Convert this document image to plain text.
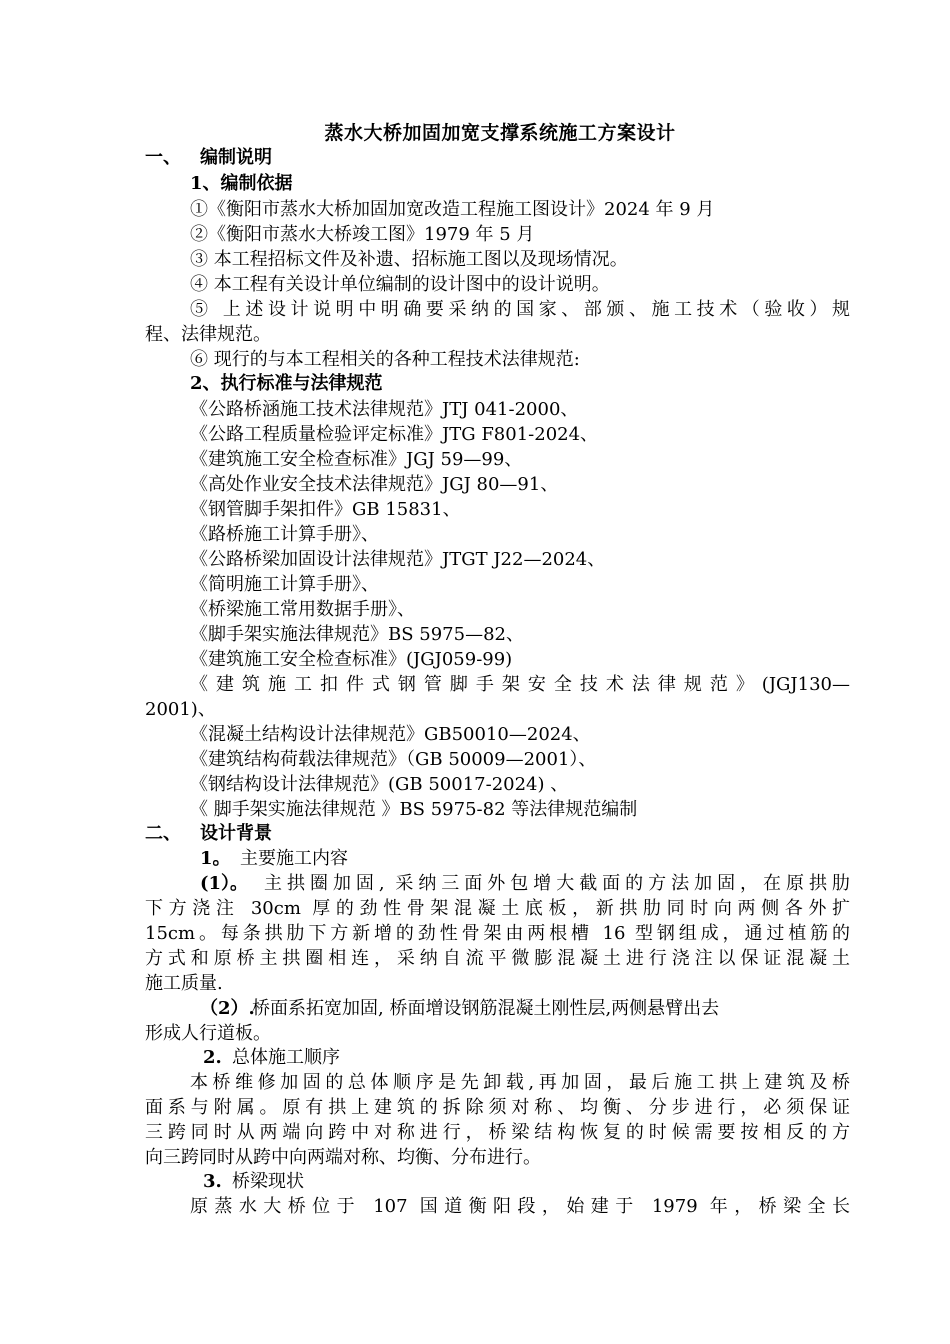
蒸水大桥加固加宽支撑系统施工方案设计
一、 编制说明
1、编制依据
①《衡阳市蒸水大桥加固加宽改造工程施工图设计》2024 年 9 月
②《衡阳市蒸水大桥竣工图》1979 年 5 月
③ 本工程招标文件及补遗、招标施工图以及现场情况。
④ 本工程有关设计单位编制的设计图中的设计说明。
⑤ 上述设计说明中明确要采纳的国家、部颁、施工技术（验收）规
程、法律规范。
⑥ 现行的与本工程相关的各种工程技术法律规范:
2、执行标准与法律规范
《公路桥涵施工技术法律规范》JTJ 041-2000、
《公路工程质量检验评定标准》JTG F801-2024、
《建筑施工安全检查标准》JGJ 59—99、
《高处作业安全技术法律规范》JGJ 80—91、
《钢管脚手架扣件》GB 15831、
《路桥施工计算手册》、
《公路桥梁加固设计法律规范》JTGT J22—2024、
《简明施工计算手册》、
《桥梁施工常用数据手册》、
《脚手架实施法律规范》BS 5975—82、
《建筑施工安全检查标准》(JGJ059-99)
《建筑施工扣件式钢管脚手架安全技术法律规范》(JGJ130—
2001)、
《混凝土结构设计法律规范》GB50010—2024、
《建筑结构荷载法律规范》（GB 50009—2001）、
《钢结构设计法律规范》(GB 50017-2024) 、
《 脚手架实施法律规范 》BS 5975-82 等法律规范编制
二、 设计背景
1。 主要施工内容
(1）。 主拱圈加固, 采纳三面外包增大截面的方法加固，在原拱肋
下方浇注 30cm 厚的劲性骨架混凝土底板，新拱肋同时向两侧各外扩
15cm。每条拱肋下方新增的劲性骨架由两根槽 16 型钢组成，通过植筋的
方式和原桥主拱圈相连，采纳自流平微膨混凝土进行浇注以保证混凝土
施工质量.
（2）.
桥面系拓宽加固, 桥面增设钢筋混凝土刚性层,两侧悬臂出去
形成人行道板。
2. 总体施工顺序
本桥维修加固的总体顺序是先卸载,再加固，最后施工拱上建筑及桥
面系与附属。原有拱上建筑的拆除须对称、均衡、分步进行，必须保证
三跨同时从两端向跨中对称进行，桥梁结构恢复的时候需要按相反的方
向三跨同时从跨中向两端对称、均衡、分布进行。
3. 桥梁现状
原蒸水大桥位于 107 国道衡阳段，始建于 1979 年，桥梁全长
